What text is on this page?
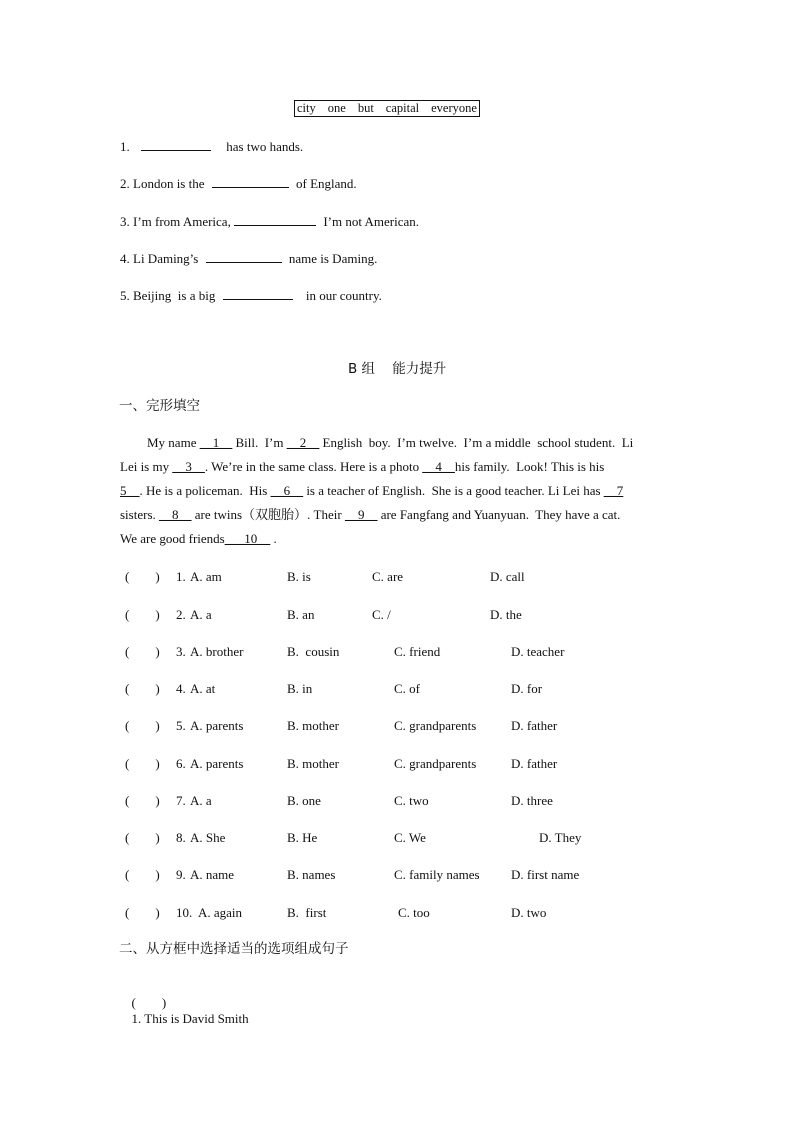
city one but capital everyone
1.	has two hands.
2. London is the	of England.
3. I’m from America,	I’m not American.
4. Li Daming’s	name is Daming.
5. Beijing  is a big	in our country.
B 组    能力提升
一、完形填空
My name __1__ Bill.  I’m __2__ English  boy.  I’m twelve.  I’m a middle  school student.  Li
Lei is my __3__. We’re in the same class. Here is a photo __4__his family.  Look! This is his
5__. He is a policeman.  His __6__ is a teacher of English.  She is a good teacher. Li Lei has __7
sisters. __8__ are twins（双胞胎）. Their __9__ are Fangfang and Yuanyuan.  They have a cat.
We are good friends___10__ .
(        ) 1. A. am	B. is	C. are	D. call
(        ) 2. A. a	B. an	C. /	D. the
(        ) 3. A. brother	B.  cousin	C. friend	D. teacher
(        ) 4. A. at	B. in	C. of	D. for
(        ) 5. A. parents	B. mother	C. grandparents	D. father
(        ) 6. A. parents	B. mother	C. grandparents	D. father
(        ) 7. A. a	B. one	C. two	D. three
(        ) 8. A. She	B. He	C. We	D. They
(        ) 9. A. name	B. names	C. family names D. first name
(        ) 10. A. again	B.  first	C. too	D. two
二、从方框中选择适当的选项组成句子

(        )
1. This is David Smith
